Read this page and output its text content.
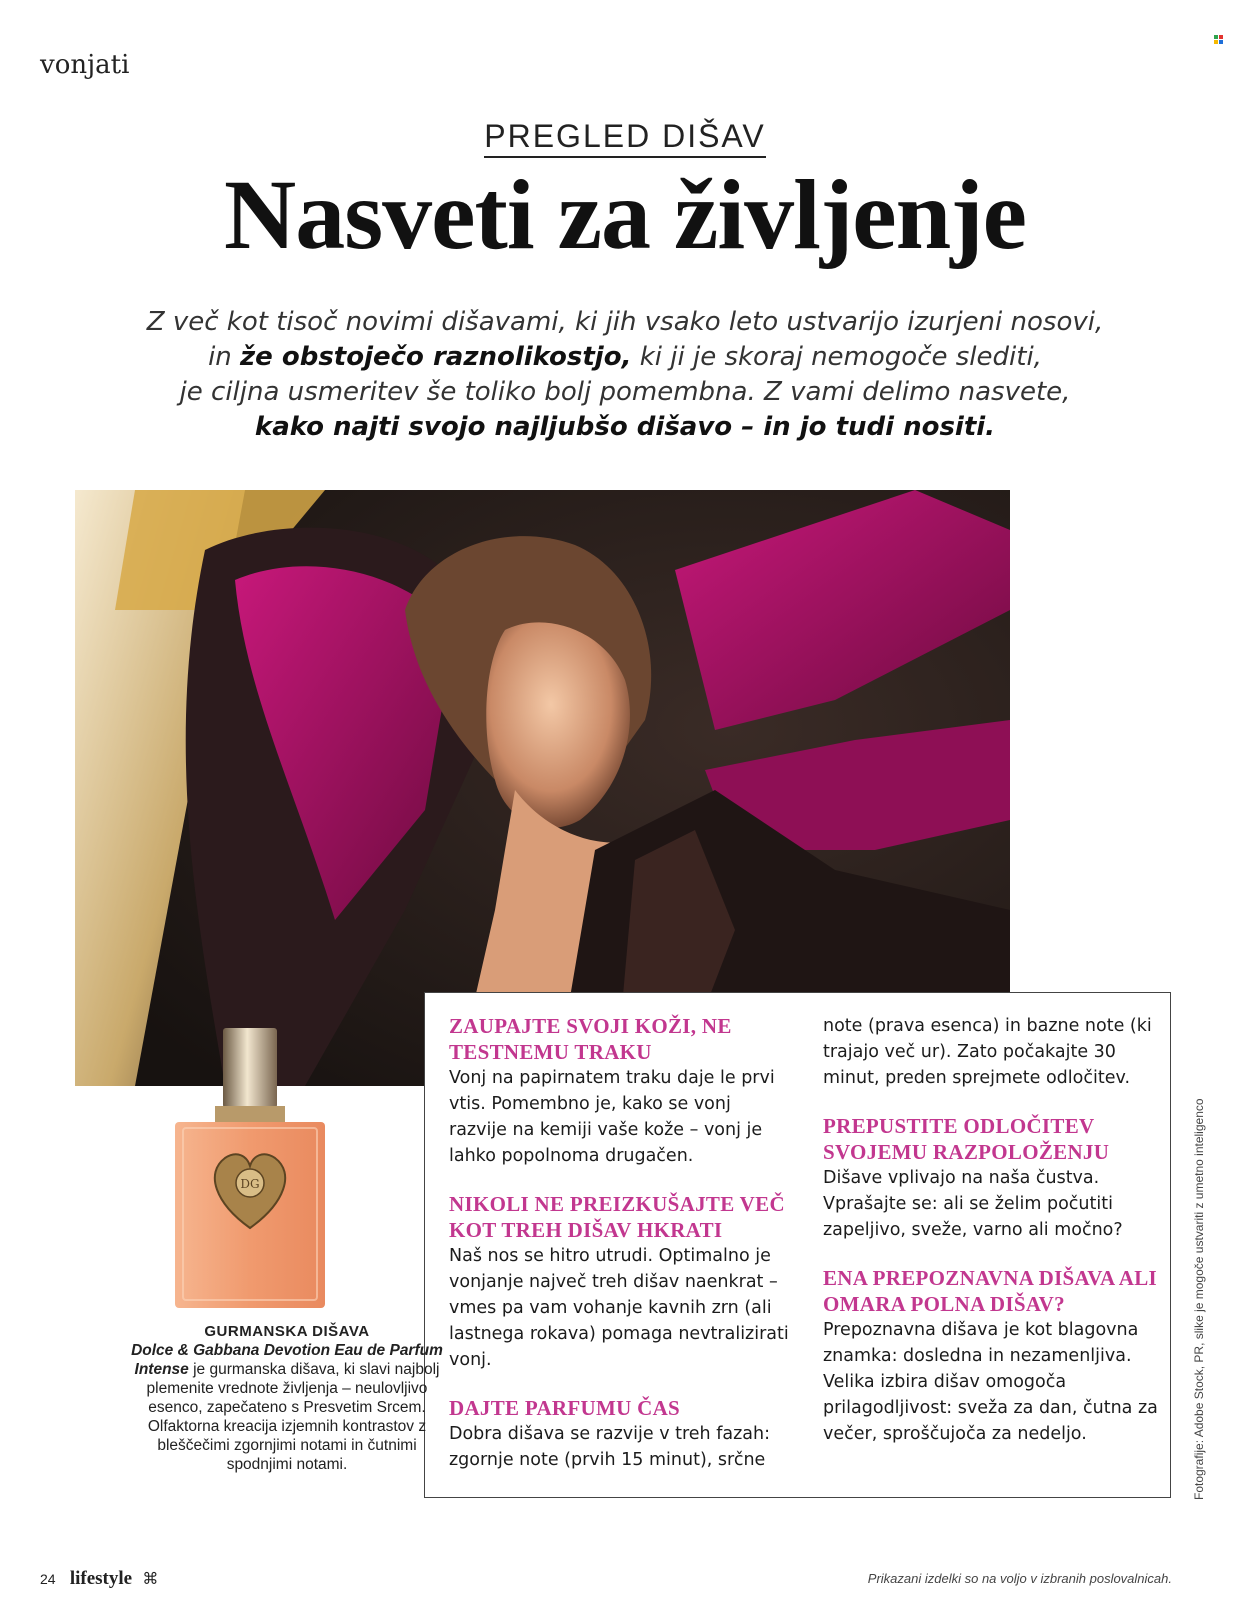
vonjati
PREGLED DIŠAV
Nasveti za življenje
Z več kot tisoč novimi dišavami, ki jih vsako leto ustvarijo izurjeni nosovi,
in že obstoječo raznolikostjo, ki ji je skoraj nemogoče slediti,
je ciljna usmeritev še toliko bolj pomembna. Z vami delimo nasvete,
kako najti svojo najljubšo dišavo – in jo tudi nositi.
ZAUPAJTE SVOJI KOŽI, NE TESTNEMU TRAKU

Vonj na papirnatem traku daje le prvi vtis. Pomembno je, kako se vonj razvije na kemiji vaše kože – vonj je lahko popolnoma drugačen.

NIKOLI NE PREIZKUŠAJTE VEČ KOT TREH DIŠAV HKRATI

Naš nos se hitro utrudi. Optimalno je vonjanje največ treh dišav naenkrat – vmes pa vam vohanje kavnih zrn (ali lastnega rokava) pomaga nevtralizirati vonj.

DAJTE PARFUMU ČAS

Dobra dišava se razvije v treh fazah: zgornje note (prvih 15 minut), srčne

note (prava esenca) in bazne note (ki trajajo več ur). Zato počakajte 30 minut, preden sprejmete odločitev.

PREPUSTITE ODLOČITEV SVOJEMU RAZPOLOŽENJU

Dišave vplivajo na naša čustva. Vprašajte se: ali se želim počutiti zapeljivo, sveže, varno ali močno?

ENA PREPOZNAVNA DIŠAVA ALI OMARA POLNA DIŠAV?

Prepoznavna dišava je kot blagovna znamka: dosledna in nezamenljiva. Velika izbira dišav omogoča prilagodljivost: sveža za dan, čutna za večer, sproščujoča za nedeljo.

DG
GURMANSKA DIŠAVA
Dolce & Gabbana Devotion Eau de Parfum Intense je gurmanska dišava, ki slavi najbolj plemenite vrednote življenja – neulovljivo esenco, zapečateno s Presvetim Srcem. Olfaktorna kreacija izjemnih kontrastov z bleščečimi zgornjimi notami in čutnimi spodnjimi notami.	Fotografije: Adobe Stock, PR, slike je mogoče ustvariti z umetno inteligenco
24 lifestyle ⌘	Prikazani izdelki so na voljo v izbranih poslovalnicah.
